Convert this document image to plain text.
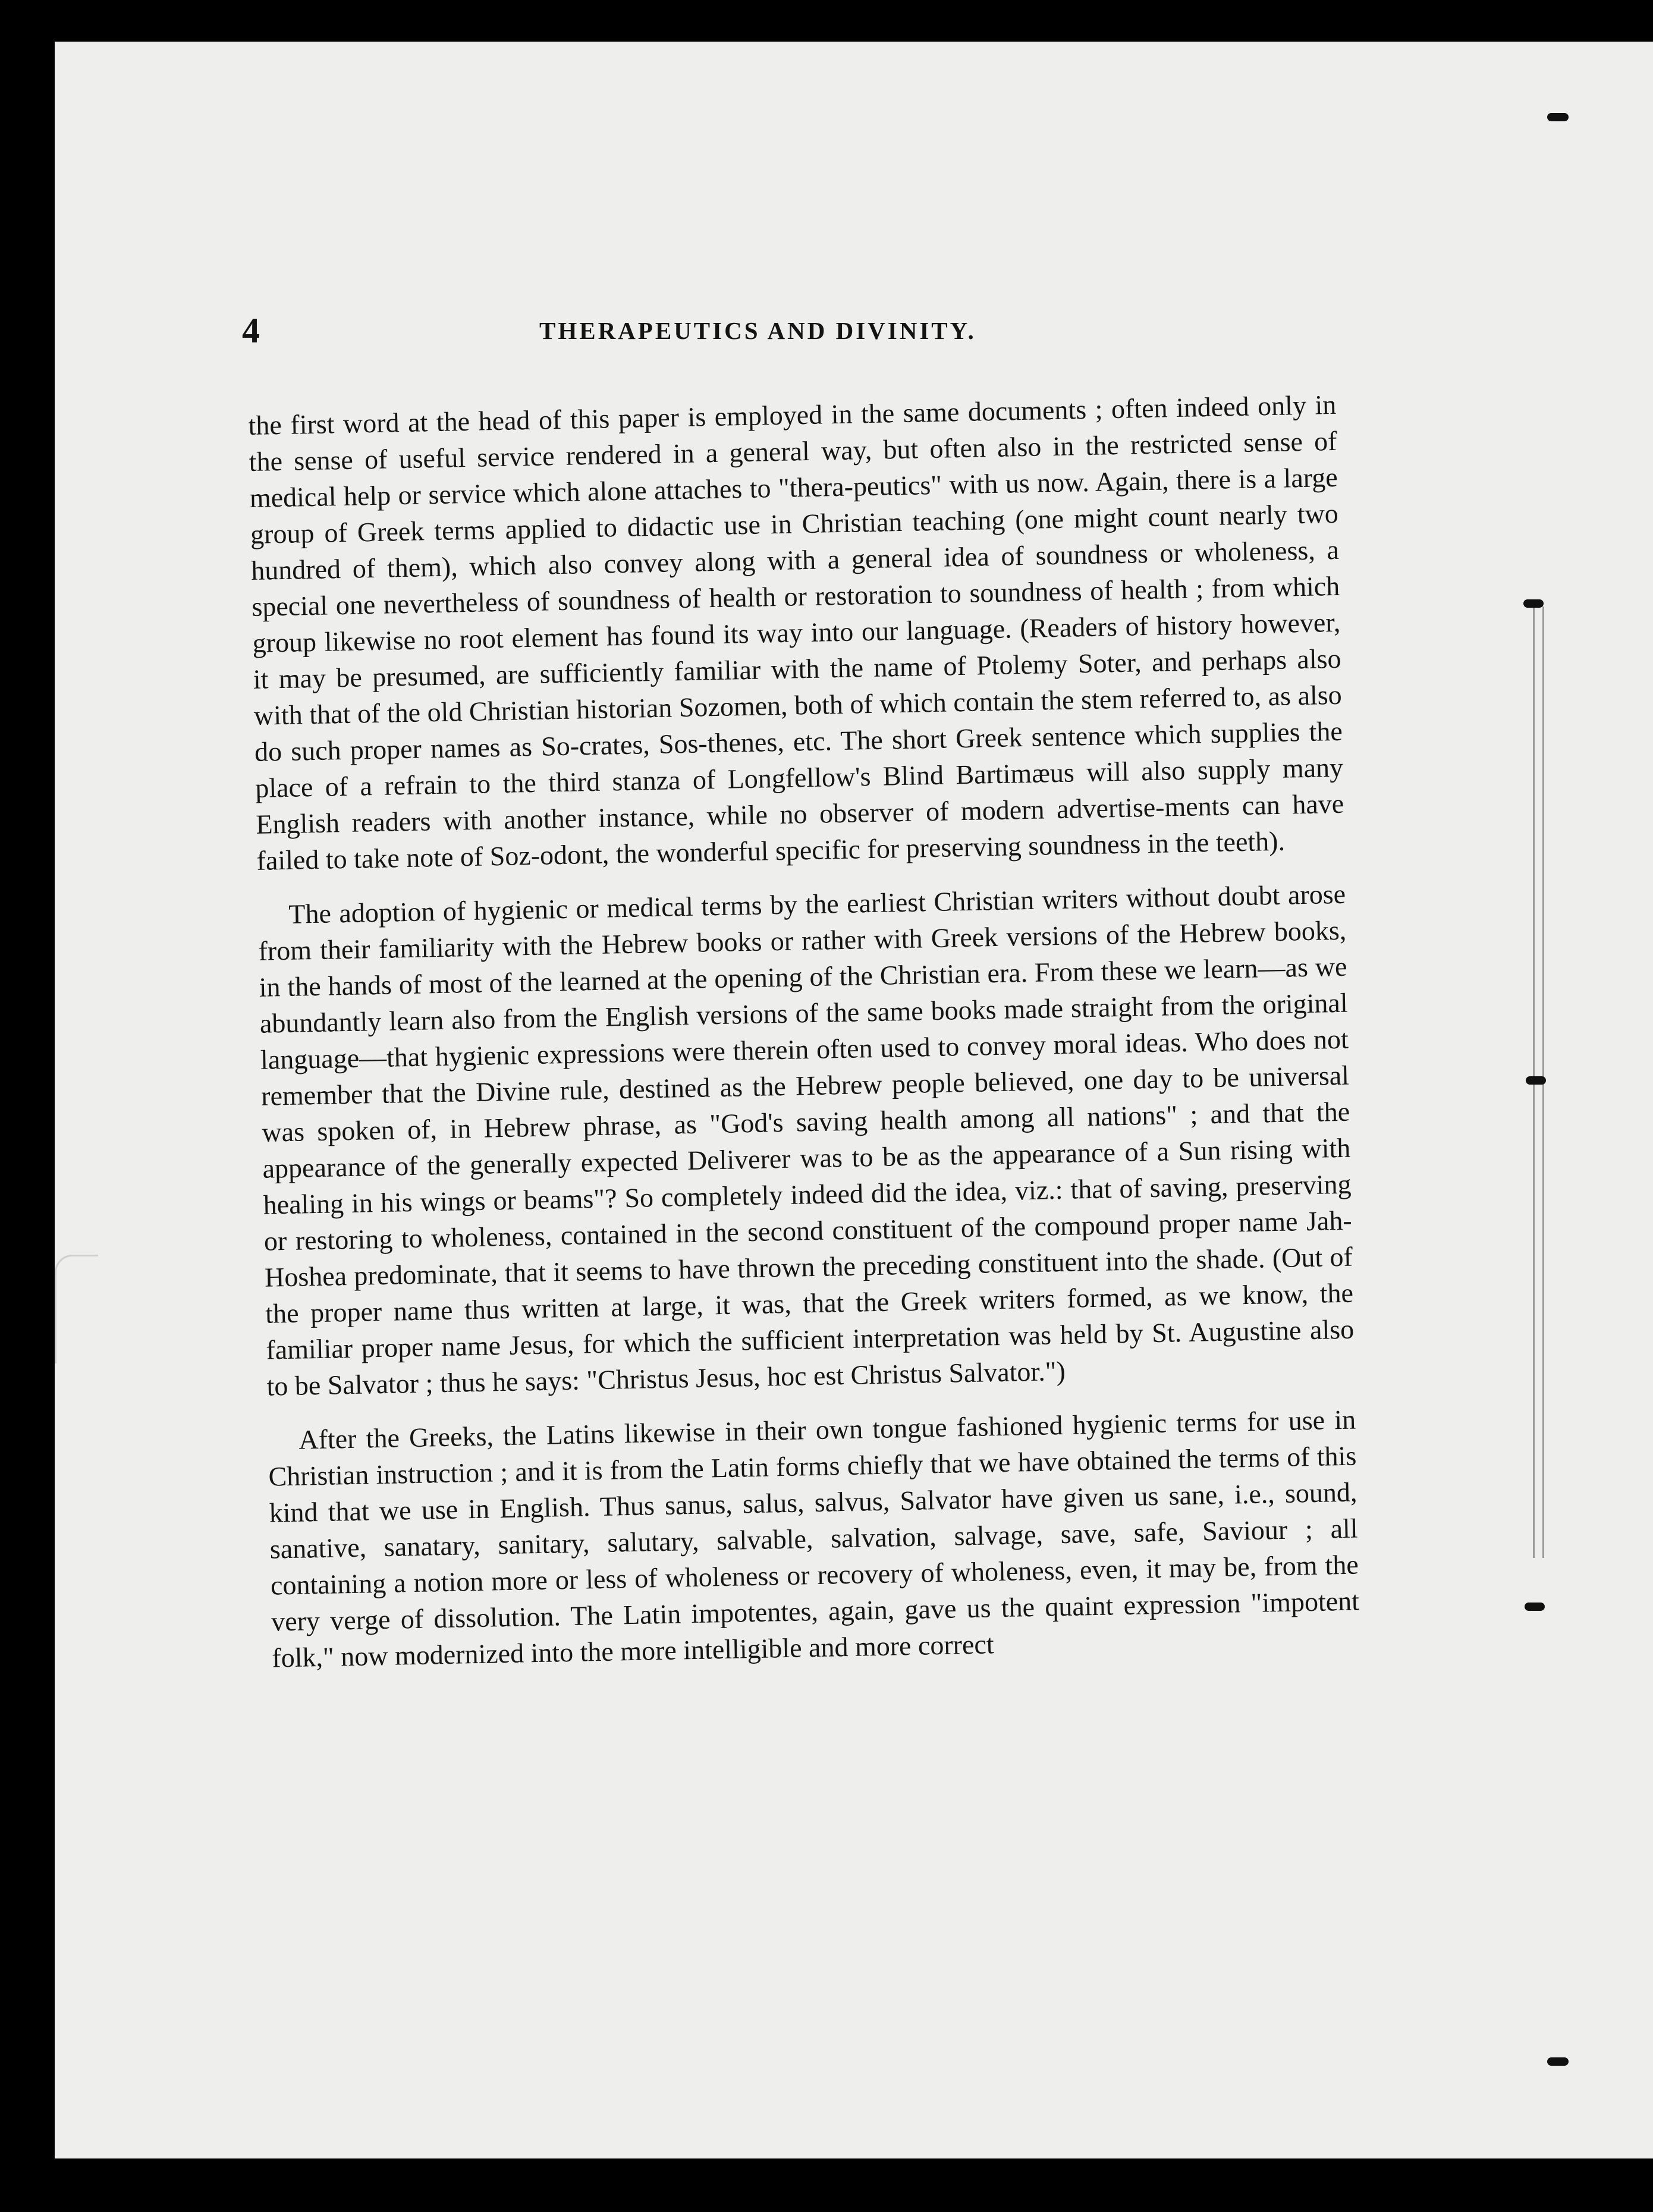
4	THERAPEUTICS AND DIVINITY.

the first word at the head of this paper is employed in the same documents ; often indeed only in the sense of useful service rendered in a general way, but often also in the restricted sense of medical help or service which alone attaches to "thera-peutics" with us now. Again, there is a large group of Greek terms applied to didactic use in Christian teaching (one might count nearly two hundred of them), which also convey along with a general idea of soundness or wholeness, a special one nevertheless of soundness of health or restoration to soundness of health ; from which group likewise no root element has found its way into our language. (Readers of history however, it may be presumed, are sufficiently familiar with the name of Ptolemy Soter, and perhaps also with that of the old Christian historian Sozomen, both of which contain the stem referred to, as also do such proper names as So-crates, Sos-thenes, etc. The short Greek sentence which supplies the place of a refrain to the third stanza of Longfellow's Blind Bartimæus will also supply many English readers with another instance, while no observer of modern advertise-ments can have failed to take note of Soz-odont, the wonderful specific for preserving soundness in the teeth).

The adoption of hygienic or medical terms by the earliest Christian writers without doubt arose from their familiarity with the Hebrew books or rather with Greek versions of the Hebrew books, in the hands of most of the learned at the opening of the Christian era. From these we learn—as we abundantly learn also from the English versions of the same books made straight from the original language—that hygienic expressions were therein often used to convey moral ideas. Who does not remember that the Divine rule, destined as the Hebrew people believed, one day to be universal was spoken of, in Hebrew phrase, as "God's saving health among all nations" ; and that the appearance of the generally expected Deliverer was to be as the appearance of a Sun rising with healing in his wings or beams"? So completely indeed did the idea, viz.: that of saving, preserving or restoring to wholeness, contained in the second constituent of the compound proper name Jah-Hoshea predominate, that it seems to have thrown the preceding constituent into the shade. (Out of the proper name thus written at large, it was, that the Greek writers formed, as we know, the familiar proper name Jesus, for which the sufficient interpretation was held by St. Augustine also to be Salvator ; thus he says: "Christus Jesus, hoc est Christus Salvator.")

After the Greeks, the Latins likewise in their own tongue fashioned hygienic terms for use in Christian instruction ; and it is from the Latin forms chiefly that we have obtained the terms of this kind that we use in English. Thus sanus, salus, salvus, Salvator have given us sane, i.e., sound, sanative, sanatary, sanitary, salutary, salvable, salvation, salvage, save, safe, Saviour ; all containing a notion more or less of wholeness or recovery of wholeness, even, it may be, from the very verge of dissolution. The Latin impotentes, again, gave us the quaint expression "impotent folk," now modernized into the more intelligible and more correct
